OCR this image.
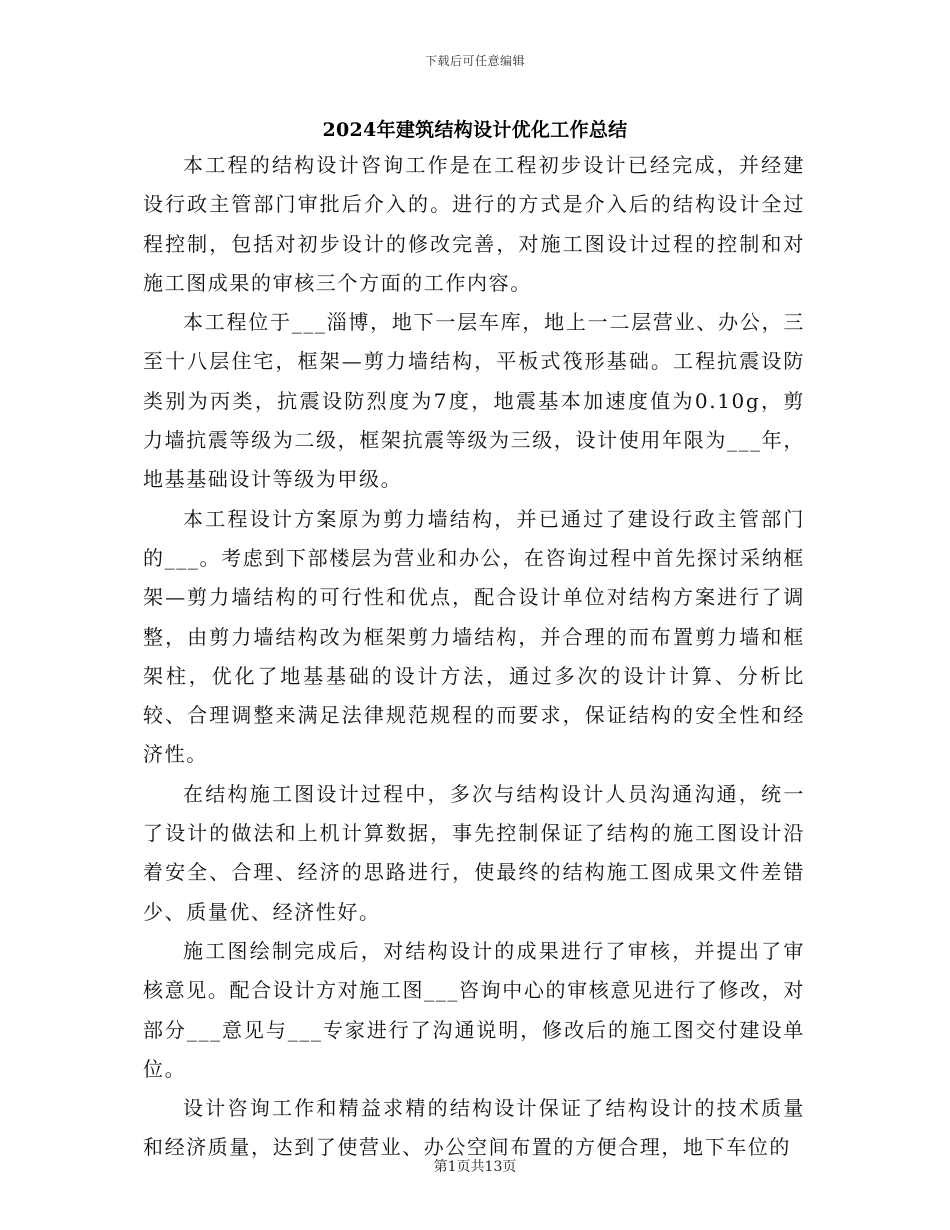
下载后可任意编辑
2024年建筑结构设计优化工作总结

本工程的结构设计咨询工作是在工程初步设计已经完成，并经建设行政主管部门审批后介入的。进行的方式是介入后的结构设计全过程控制，包括对初步设计的修改完善，对施工图设计过程的控制和对施工图成果的审核三个方面的工作内容。

本工程位于___淄博，地下一层车库，地上一二层营业、办公，三至十八层住宅，框架—剪力墙结构，平板式筏形基础。工程抗震设防类别为丙类，抗震设防烈度为7度，地震基本加速度值为0.10g，剪力墙抗震等级为二级，框架抗震等级为三级，设计使用年限为___年，地基基础设计等级为甲级。

本工程设计方案原为剪力墙结构，并已通过了建设行政主管部门的___。考虑到下部楼层为营业和办公，在咨询过程中首先探讨采纳框架—剪力墙结构的可行性和优点，配合设计单位对结构方案进行了调整，由剪力墙结构改为框架剪力墙结构，并合理的而布置剪力墙和框架柱，优化了地基基础的设计方法，通过多次的设计计算、分析比较、合理调整来满足法律规范规程的而要求，保证结构的安全性和经济性。

在结构施工图设计过程中，多次与结构设计人员沟通沟通，统一了设计的做法和上机计算数据，事先控制保证了结构的施工图设计沿着安全、合理、经济的思路进行，使最终的结构施工图成果文件差错少、质量优、经济性好。

施工图绘制完成后，对结构设计的成果进行了审核，并提出了审核意见。配合设计方对施工图___咨询中心的审核意见进行了修改，对部分___意见与___专家进行了沟通说明，修改后的施工图交付建设单位。

设计咨询工作和精益求精的结构设计保证了结构设计的技术质量和经济质量，达到了使营业、办公空间布置的方便合理，地下车位的

第1页共13页
